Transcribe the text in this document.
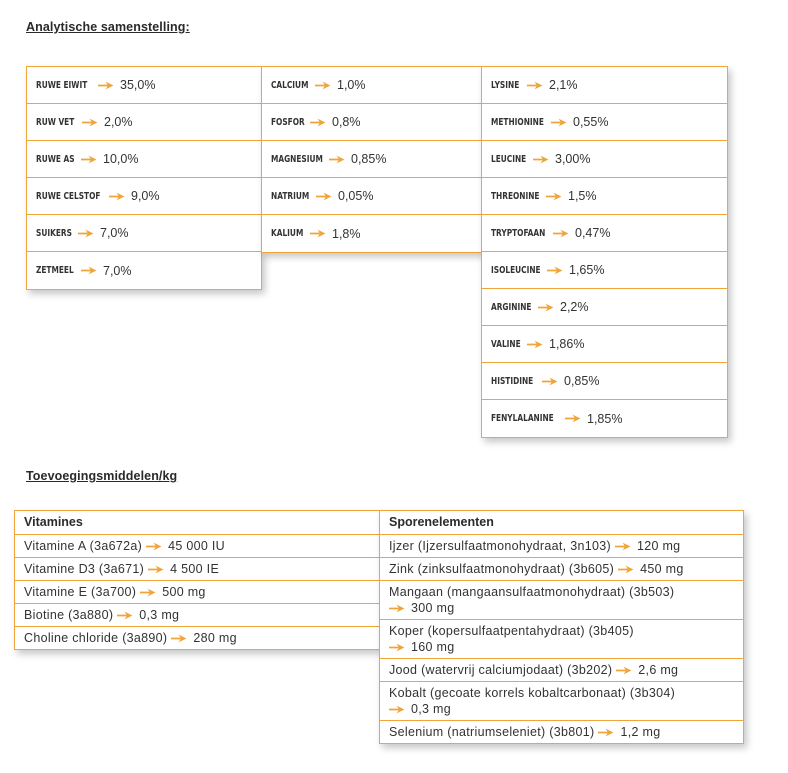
Analytische samenstelling:
RUWE EIWIT	35,0%
RUW VET 2,0%
RUWE AS 10,0%
RUWE CELSTOF 9,0%
SUIKERS 7,0%
ZETMEEL 7,0%
CALCIUM 1,0%
FOSFOR 0,8%
MAGNESIUM 0,85%
NATRIUM 0,05%
KALIUM 1,8%
LYSINE 2,1%
METHIONINE 0,55%
LEUCINE 3,00%
THREONINE 1,5%
TRYPTOFAAN 0,47%
ISOLEUCINE 1,65%
ARGININE 2,2%
VALINE 1,86%
HISTIDINE 0,85%
FENYLALANINE	1,85%
Toevoegingsmiddelen/kg
Vitamines
Vitamine A (3a672a) 45 000 IU
Vitamine D3 (3a671) 4 500 IE
Vitamine E (3a700) 500 mg
Biotine (3a880) 0,3 mg
Choline chloride (3a890) 280 mg
Sporenelementen
Ijzer (Ijzersulfaatmonohydraat, 3n103) 120 mg
Zink (zinksulfaatmonohydraat) (3b605) 450 mg
Mangaan (mangaansulfaatmonohydraat) (3b503)
300 mg
Koper (kopersulfaatpentahydraat) (3b405)
160 mg
Jood (watervrij calciumjodaat) (3b202) 2,6 mg
Kobalt (gecoate korrels kobaltcarbonaat) (3b304)
0,3 mg
Selenium (natriumseleniet) (3b801) 1,2 mg
